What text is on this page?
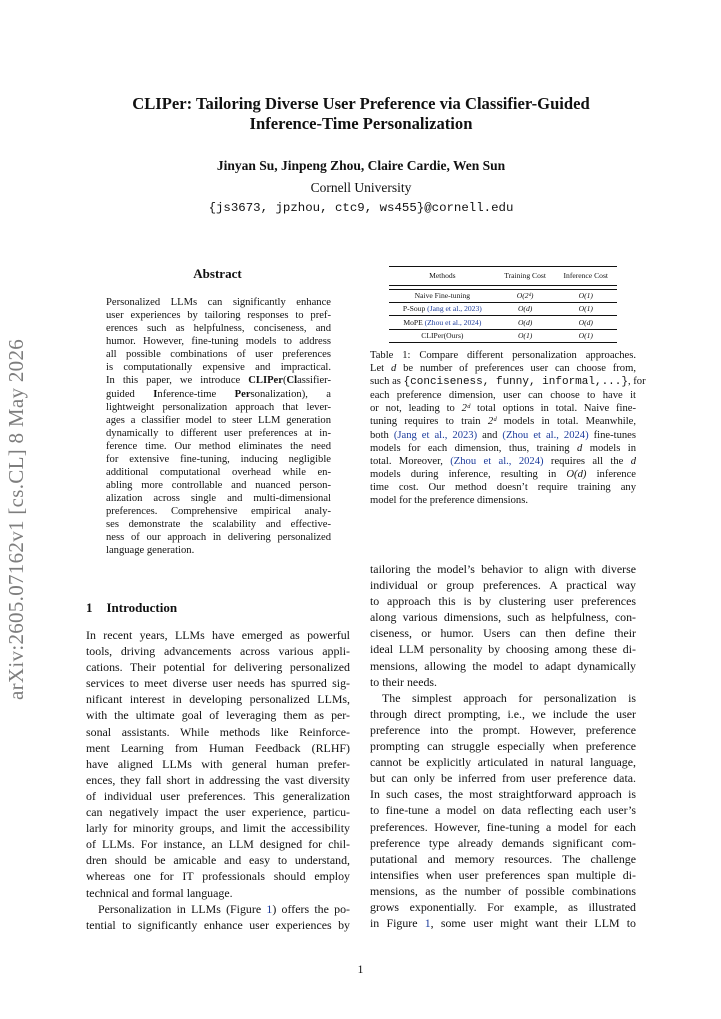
arXiv:2605.07162v1 [cs.CL] 8 May 2026
CLIPer: Tailoring Diverse User Preference via Classifier-Guided
Inference-Time Personalization
Jinyan Su, Jinpeng Zhou, Claire Cardie, Wen Sun
Cornell University
{js3673, jpzhou, ctc9, ws455}@cornell.edu
Abstract
Personalized LLMs can significantly enhance
user experiences by tailoring responses to pref-
erences such as helpfulness, conciseness, and
humor. However, fine-tuning models to address
all possible combinations of user preferences
is computationally expensive and impractical.
In this paper, we introduce CLIPer(Classifier-
guided Inference-time Personalization), a
lightweight personalization approach that lever-
ages a classifier model to steer LLM generation
dynamically to different user preferences at in-
ference time. Our method eliminates the need
for extensive fine-tuning, inducing negligible
additional computational overhead while en-
abling more controllable and nuanced person-
alization across single and multi-dimensional
preferences. Comprehensive empirical analy-
ses demonstrate the scalability and effective-
ness of our approach in delivering personalized
language generation.
1 Introduction
In recent years, LLMs have emerged as powerful
tools, driving advancements across various appli-
cations. Their potential for delivering personalized
services to meet diverse user needs has spurred sig-
nificant interest in developing personalized LLMs,
with the ultimate goal of leveraging them as per-
sonal assistants. While methods like Reinforce-
ment Learning from Human Feedback (RLHF)
have aligned LLMs with general human prefer-
ences, they fall short in addressing the vast diversity
of individual user preferences. This generalization
can negatively impact the user experience, particu-
larly for minority groups, and limit the accessibility
of LLMs. For instance, an LLM designed for chil-
dren should be amicable and easy to understand,
whereas one for IT professionals should employ
technical and formal language.
Personalization in LLMs (Figure 1) offers the po-
tential to significantly enhance user experiences by
Methods	Training Cost	Inference Cost

Naive Fine-tuning	O(2ᵈ)	O(1)
P-Soup (Jang et al., 2023)	O(d)	O(1)
MoPE (Zhou et al., 2024)	O(d)	O(d)
CLIPer(Ours)	O(1)	O(1)
Table 1: Compare different personalization approaches.
Let d be number of preferences user can choose from,
such as {conciseness, funny, informal,...}, for
each preference dimension, user can choose to have it
or not, leading to 2ᵈ total options in total. Naive fine-
tuning requires to train 2ᵈ models in total. Meanwhile,
both (Jang et al., 2023) and (Zhou et al., 2024) fine-tunes
models for each dimension, thus, training d models in
total. Moreover, (Zhou et al., 2024) requires all the d
models during inference, resulting in O(d) inference
time cost. Our method doesn’t require training any
model for the preference dimensions.
tailoring the model’s behavior to align with diverse
individual or group preferences. A practical way
to approach this is by clustering user preferences
along various dimensions, such as helpfulness, con-
ciseness, or humor. Users can then define their
ideal LLM personality by choosing among these di-
mensions, allowing the model to adapt dynamically
to their needs.
The simplest approach for personalization is
through direct prompting, i.e., we include the user
preference into the prompt. However, preference
prompting can struggle especially when preference
cannot be explicitly articulated in natural language,
but can only be inferred from user preference data.
In such cases, the most straightforward approach is
to fine-tune a model on data reflecting each user’s
preferences. However, fine-tuning a model for each
preference type already demands significant com-
putational and memory resources. The challenge
intensifies when user preferences span multiple di-
mensions, as the number of possible combinations
grows exponentially. For example, as illustrated
in Figure 1, some user might want their LLM to
1
